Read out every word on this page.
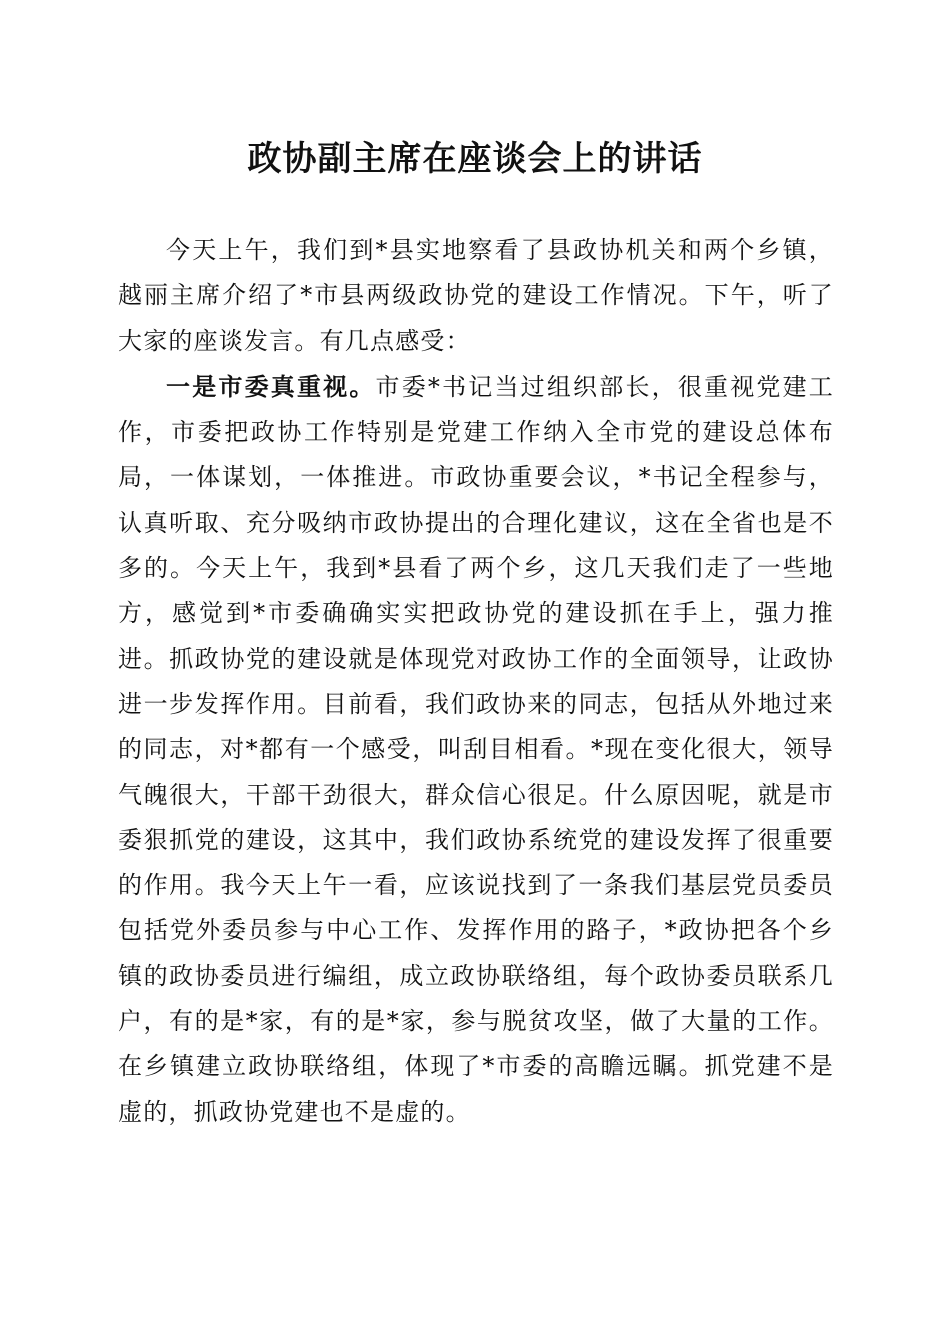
政协副主席在座谈会上的讲话

今天上午，我们到*县实地察看了县政协机关和两个乡镇，越丽主席介绍了*市县两级政协党的建设工作情况。下午，听了大家的座谈发言。有几点感受：

一是市委真重视。市委*书记当过组织部长，很重视党建工作，市委把政协工作特别是党建工作纳入全市党的建设总体布局，一体谋划，一体推进。市政协重要会议，*书记全程参与，认真听取、充分吸纳市政协提出的合理化建议，这在全省也是不多的。今天上午，我到*县看了两个乡，这几天我们走了一些地方，感觉到*市委确确实实把政协党的建设抓在手上，强力推进。抓政协党的建设就是体现党对政协工作的全面领导，让政协进一步发挥作用。目前看，我们政协来的同志，包括从外地过来的同志，对*都有一个感受，叫刮目相看。*现在变化很大，领导气魄很大，干部干劲很大，群众信心很足。什么原因呢，就是市委狠抓党的建设，这其中，我们政协系统党的建设发挥了很重要的作用。我今天上午一看，应该说找到了一条我们基层党员委员包括党外委员参与中心工作、发挥作用的路子，*政协把各个乡镇的政协委员进行编组，成立政协联络组，每个政协委员联系几户，有的是*家，有的是*家，参与脱贫攻坚，做了大量的工作。在乡镇建立政协联络组，体现了*市委的高瞻远瞩。抓党建不是虚的，抓政协党建也不是虚的。
